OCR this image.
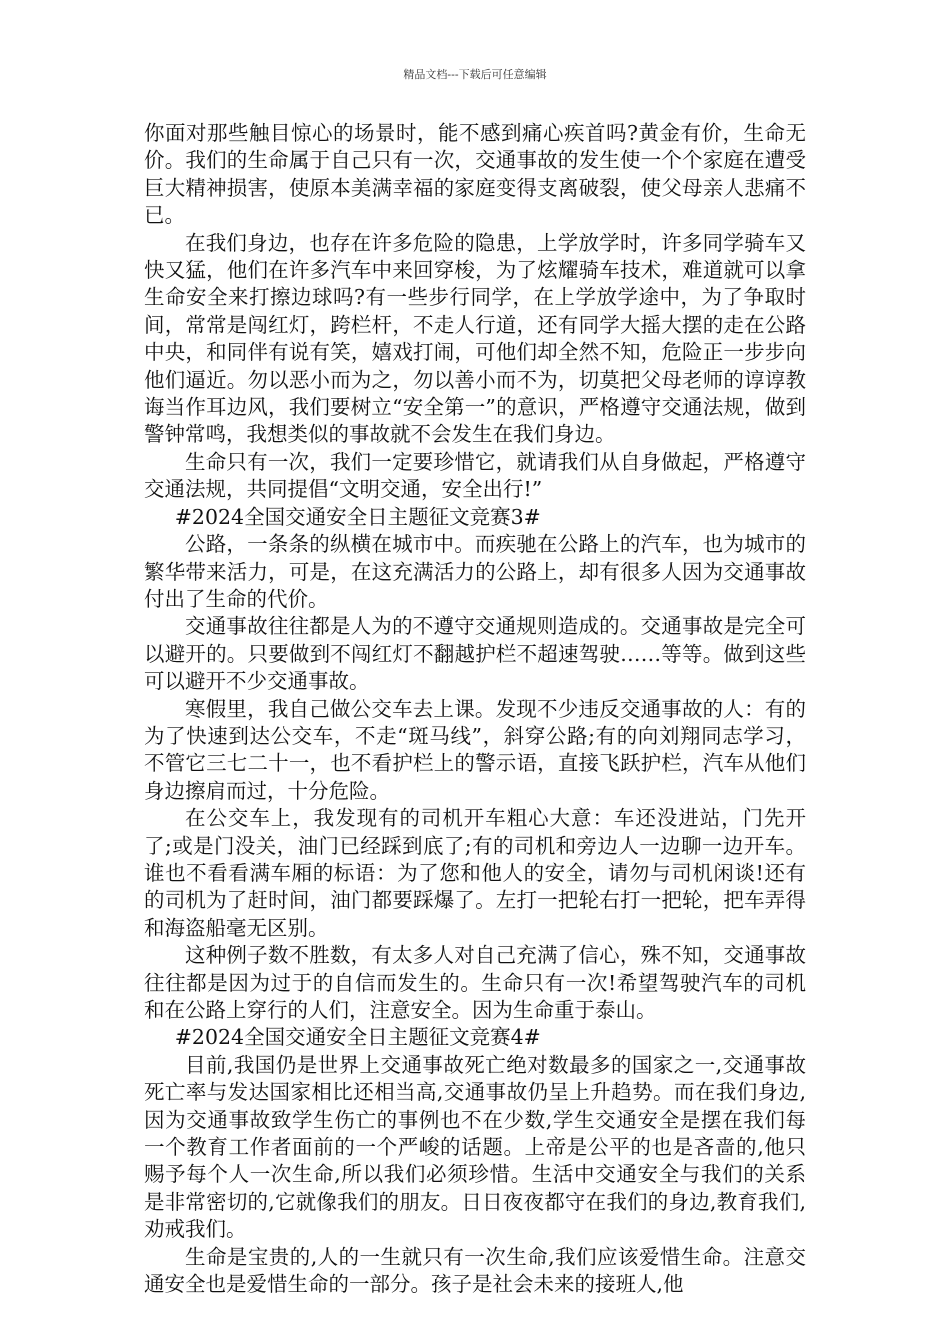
精品文档---下载后可任意编辑

你面对那些触目惊心的场景时，能不感到痛心疾首吗?黄金有价，生命无价。我们的生命属于自己只有一次，交通事故的发生使一个个家庭在遭受巨大精神损害，使原本美满幸福的家庭变得支离破裂，使父母亲人悲痛不已。

在我们身边，也存在许多危险的隐患，上学放学时，许多同学骑车又快又猛，他们在许多汽车中来回穿梭，为了炫耀骑车技术，难道就可以拿生命安全来打擦边球吗?有一些步行同学，在上学放学途中，为了争取时间，常常是闯红灯，跨栏杆，不走人行道，还有同学大摇大摆的走在公路中央，和同伴有说有笑，嬉戏打闹，可他们却全然不知，危险正一步步向他们逼近。勿以恶小而为之，勿以善小而不为，切莫把父母老师的谆谆教诲当作耳边风，我们要树立“安全第一”的意识，严格遵守交通法规，做到警钟常鸣，我想类似的事故就不会发生在我们身边。

生命只有一次，我们一定要珍惜它，就请我们从自身做起，严格遵守交通法规，共同提倡“文明交通，安全出行!”

#2024全国交通安全日主题征文竞赛3#

公路，一条条的纵横在城市中。而疾驰在公路上的汽车，也为城市的繁华带来活力，可是，在这充满活力的公路上，却有很多人因为交通事故付出了生命的代价。

交通事故往往都是人为的不遵守交通规则造成的。交通事故是完全可以避开的。只要做到不闯红灯不翻越护栏不超速驾驶……等等。做到这些可以避开不少交通事故。

寒假里，我自己做公交车去上课。发现不少违反交通事故的人：有的为了快速到达公交车，不走“斑马线”，斜穿公路;有的向刘翔同志学习，不管它三七二十一，也不看护栏上的警示语，直接飞跃护栏，汽车从他们身边擦肩而过，十分危险。

在公交车上，我发现有的司机开车粗心大意：车还没进站，门先开了;或是门没关，油门已经踩到底了;有的司机和旁边人一边聊一边开车。谁也不看看满车厢的标语：为了您和他人的安全，请勿与司机闲谈!还有的司机为了赶时间，油门都要踩爆了。左打一把轮右打一把轮，把车弄得和海盗船毫无区别。

这种例子数不胜数，有太多人对自己充满了信心，殊不知，交通事故往往都是因为过于的自信而发生的。生命只有一次!希望驾驶汽车的司机和在公路上穿行的人们，注意安全。因为生命重于泰山。

#2024全国交通安全日主题征文竞赛4#

目前,我国仍是世界上交通事故死亡绝对数最多的国家之一,交通事故死亡率与发达国家相比还相当高,交通事故仍呈上升趋势。而在我们身边,因为交通事故致学生伤亡的事例也不在少数,学生交通安全是摆在我们每一个教育工作者面前的一个严峻的话题。上帝是公平的也是吝啬的,他只赐予每个人一次生命,所以我们必须珍惜。生活中交通安全与我们的关系是非常密切的,它就像我们的朋友。日日夜夜都守在我们的身边,教育我们,劝戒我们。

生命是宝贵的,人的一生就只有一次生命,我们应该爱惜生命。注意交通安全也是爱惜生命的一部分。孩子是社会未来的接班人,他
